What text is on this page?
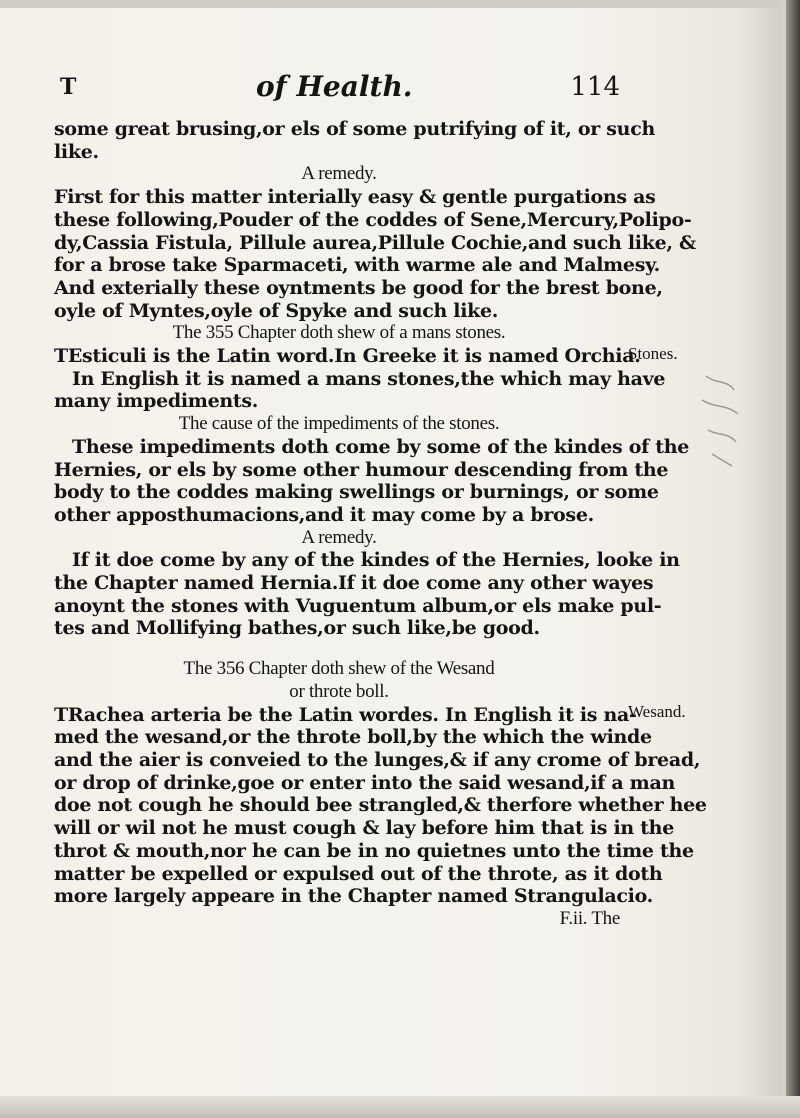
T	of Health.	114
some great brusing,or els of some putrifying of it, or such
like.
A remedy.
First for this matter interially easy & gentle purgations as
these following,Pouder of the coddes of Sene,Mercury,Polipo-
dy,Cassia Fistula, Pillule aurea,Pillule Cochie,and such like, &
for a brose take Sparmaceti, with warme ale and Malmesy.
And exterially these oyntments be good for the brest bone,
oyle of Myntes,oyle of Spyke and such like.
The 355 Chapter doth shew of a mans stones.
TEsticuli is the Latin word.In Greeke it is named Orchia.
In English it is named a mans stones,the which may have
many impediments.
The cause of the impediments of the stones.
These impediments doth come by some of the kindes of the
Hernies, or els by some other humour descending from the
body to the coddes making swellings or burnings, or some
other apposthumacions,and it may come by a brose.
A remedy.
If it doe come by any of the kindes of the Hernies, looke in
the Chapter named Hernia.If it doe come any other wayes
anoynt the stones with Vuguentum album,or els make pul-
tes and Mollifying bathes,or such like,be good.
The 356 Chapter doth shew of the Wesand
or throte boll.
TRachea arteria be the Latin wordes. In English it is na-
med the wesand,or the throte boll,by the which the winde
and the aier is conveied to the lunges,& if any crome of bread,
or drop of drinke,goe or enter into the said wesand,if a man
doe not cough he should bee strangled,& therfore whether hee
will or wil not he must cough & lay before him that is in the
throt & mouth,nor he can be in no quietnes unto the time the
matter be expelled or expulsed out of the throte, as it doth
more largely appeare in the Chapter named Strangulacio.
F.ii. The
Stones.
Wesand.
